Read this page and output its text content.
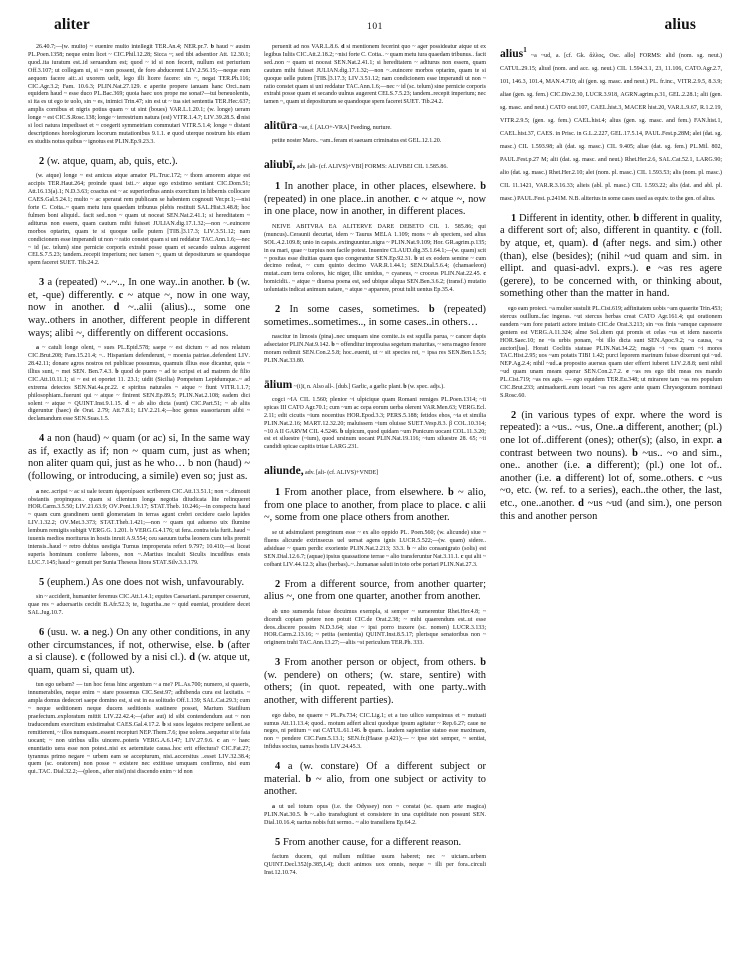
aliter	101	alius

26.40.7;—(w. multo) ~ euenire multo intellegit TER.An.4; NER.pr.7. b haud ~ ausim PL.Poen.1358; neque enim licet ~ CIC.Phil.12.28; Sicca ~; sed tibi adsentior Att. 12.30.1; quod..ita iuratum est..id seruandum est; quod ~ id si non fecerit, nullum est periurium Off.3.107; ut collegam ui, si ~ non possent, de foro abducerent LIV.2.56.15;—neque eum aequom facere ait:..si uxorem uelit, lego illi licere facere: sin ~, negat TER.Ph.116; CIC.Agr.3.2; Fam. 10.6.3; PLIN.Nat.27.129. c aperite propere ianuam hanc Orci..nam equidem haud ~ esse duco PL.Bac.369; quoia haec uox prope me sonat?—tui beneuolentis, si ita es ut ego te uolo, sin ~ es, inimici Trin.47; sin est ut ~ tua siet sententia TER.Hec.637; amplis cornibus et nigris potius quam ~ ut sint (boues) VAR.L.1.20.1; (w. longe) ueram longe ~ est CIC.S.Rosc.138; longe ~ terrestrium natura (est) VITR.1.4.7; LIV.39.28.5. d nisi si loci natura impedisset et ~ coegerit symmetriam commutari VITR.5.1.4; longe ~ distant descriptiones horologiorum locorum mutationibus 9.1.1. e quod uterque nostrum his etiam ex studiis notus quibus ~ ignotus est PLIN.Ep.9.23.3.

2 (w. atque, quam, ab, quis, etc.).

(w. atque) longe ~ est amicus atque amator PL.Truc.172; ~ thom amorem atque est accipis TER.Haut.264; proinde quasi isti..~ atque ego existimo sentiant CIC.Dom.51; Att.16.13(a).1; N.D.3.63; coactus est ~ ac superioribus annis exercitum in hibernis collocare CAES.Gal.5.24.1; multo ~ ac sperarat rem publicam se habentem cognouit Ver.pr.1;—nisi forte C. Cotta..~ quam metu iura quaedam tribunus plebis restituit SAL.Hist.3.48.8; hoc fulmen boni aliquid.. facit sed..non ~ quam ut noceat SEN.Nat.2.41.1; si hereditatem ~ aditurus non essem, quam cautum mihi fuisset JULIAN.dig.17.1.32;—non ~..euincere morbos optarim, quam te si quoque uelle putem [TIB.]3.17.3; LIV.3.51.12; nam condicionem esse imperandi ut non ~ ratio constet quam si uni reddatur TAC.Ann.1.6;—nec ~ id (sc. telum) sine pernicie corporis extrahi posse quam et secando uulnus augerent CELS.7.5.23; tandem..recepit imperium; nec tamen ~, quam ut depositurum se quandoque spem faceret SUET. Tib.24.2.

3 a (repeated) ~..~.., In one way..in another. b (w. et, -que) differently. c ~ atque ~, now in one way, now in another. d ~..alii (alius).., some one way..others in another, different people in different ways; alibi ~, differently on different occasions.

a ~ catuli longe olent, ~ sues PL.Epid.578; saepe ~ est dictum ~ ad nos relatum CIC.Brut.208; Fam.15.21.4; ~.. Hispaniam defenderunt, ~ moenia patriae..defendent LIV. 28.42.11; donare agros nostros rei publicae possumus, quamuis illius esse dicantur, quia ~ illius sunt, ~ mei SEN. Ben.7.4.3. b quod de puero ~ ad te scripsi et ad matrem de filio CIC.Att.10.11.1; si ~ est et oportet 11. 23.1; uidit (Sicilia) Pompeium Lepidumque..~ ad extrema deiectos SEN.Nat.4a.pr.22. c spiritus naturales ~ atque ~ fiunt VITR.1.1.7; philosophiam..fuerunt qui ~ atque ~ finirent SEN.Ep.89.5; PLIN.Nat.2.108; eadem dici solent ~ atque ~ QUINT.Inst.9.1.15. d ~ ab alio dicta (sunt) CIC.Part.51; ~ ab aliis digeruntur (haec) de Orat. 2.79; Att.7.8.1; LIV.2.21.4;—hoc genus suasoriarum alibi ~ declamandum esse SEN.Suas.1.5.

4 a non (haud) ~ quam (or ac) si, In the same way as if, exactly as if; non ~ quam cum, just as when; non aliter quam qui, just as he who… b non (haud) ~ (following, or introducing, a simile) even so; just as.

a nec..scripsi ~ ac si uale tecum ἀμφοτέρωσε scriberem CIC.Att.13.51.1; non ~..dimouit obstantis propinquos.. quam si clientum longa negotia diiudicata lite relinqueret HOR.Carm.3.5.50; LIV.21.63.9; OV.Pont.1.9.17; STAT.Theb. 10.246;—in conspectu haud ~ quam cum grandinem uenti glomeratam in terras agunt crebri cecidere caelo lapides LIV.1.32.2; OV.Met.3.373; STAT.Theb.1.421;—non ~ quam qui aduerso uix flumine lembum remigiis subigit VERG.G. 1.201. b VERG.G.4.176; ut fera..contra tela furit..haud ~ iuuenis medios moriturus in hostis inruit A.9.554; ceu saeuum turba leonem cum telis premit intensis..haud ~ retro dubius uestigia Turnus improperata refert 9.797; 10.410;—si liceat superis hominum conferre labores, non ~..Martius incaluit Siculis incudibus ensis LUC.7.145; haud ~ gemuit per Sunia Theseus litora STAT.Silv.3.3.179.

5 (euphem.) As one does not wish, unfavourably.

sin ~ acciderit, humaniter feremus CIC.Att.1.4.1; equites Caesariani..parumper cesserunt, quae res ~ aduersariis cecidit B.Afr.52.3; te, Iugurtha..ne ~ quid eueniat, prouidere decet SAL.Jug.10.7.

6 (usu. w. a neg.) On any other conditions, in any other circumstances, if not, otherwise, else. b (after a si clause). c (followed by a nisi cl.). d (w. atque ut, quam, quam si, quam ut).

tun ego uebam? — tun hoc feras hinc argentum ~ a me? PL.As.700; numero, si quaeris, innumerabiles, neque enim ~ stare possemus CIC.Sest.97; adhibenda cura est laxitatis. ~ ampla domus dedecori saepe domino est, si est in ea solitudo Off.1.139; SAL.Cat.29.3; cum ~ neque seditionem neque ducem seditionis sustinere posset, Marium Statilium praefectum..exploratum mittit LIV.22.42.4;—(after aut) id sibi contendendum aut ~ non traducendum exercitum existimabat CAES.Gal.4.17.2. b si suos legatos recipere uellent..se remitterent, ~ illos numquam..essent recepturi NEP.Them.7.6; ipse uolens..sequetur si te fata uocant; ~ non uiribus ullis uincere..poteris VERG.A.6.147; LIV.27.9.6. c an ~ haec enuntiatio uera esse non potest..nisi ex aeternitate causa..hoc erit effectura? CIC.Fat.27; tyrannus primo negare ~ urbem eam se accepturum, nisi..accersitus ..esset LIV.32.38.4; quem (sc. oratorem) non posse ~ existere nec extitisse umquam confirmo, nisi eum qui..TAC. Dial.32.2;—(pleon., after nisi) nisi discendo enim ~ id non

peruenit ad nos VAR.L.8.6. d si mentionem fecerint quo ~ ager possideatur atque ut ex legibus Iuliis CIC.Att.2.18.2; ~nisi forte C. Cotta.. ~ quam metu iura quaedam tribunus.. facit sed..non ~ quam ut noceat SEN.Nat.2.41.1; si hereditatem ~ aditurus non essem, quam cautum mihi fuisset JULIAN.dig.17.1.32;—non ~..euincere morbos optarim, quam te si quoque uelle putem [TIB.]3.17.3; LIV.3.51.12; nam condicionem esse imperandi ut non ~ ratio constet quam si uni reddatur TAC.Ann.1.6;—nec ~ id (sc. telum) sine pernicie corporis extrahi posse quam et secando uulnus augerent CELS.7.5.23; tandem..recepit imperium; nec tamen ~, quam ut depositurum se quandoque spem faceret SUET. Tib.24.2.

alitūra ~ae, f. [ALO+-VRA] Feeding, nurture.

petite noster Maro.. ~am..feram et saeuam criminatus est GEL.12.1.20.

aliubī, adv. [ali- (cf. ALIVS)+VBI] FORMS: ALIVBEI CIL 1.585.86.

1 In another place, in other places, elsewhere. b (repeated) in one place..in another. c ~ atque ~, now in one place, now in another, in different places.

NEIVE ABITVRA EA ALITERVE DARE DEBETO CIL 1. 585.86; qui (muncus)..Ceraunii decurtat, idem ~ Taurus MELA 1.109; mons ~ ab speciem, sed alius SOL.4.2.109.8; unio in capsis..extinguuntur..nigra ~ PLIN.Nat.9.109; Hor. GR.agrim.p.135; in ea mari, quae ~ turpius non facile potest. Inuenire CLAUD.dig.35.1.64.1;—(w. quam) scit ~ positas esse diuitias quam quo congerantur SEN.Ep.92.31. b ut ex eodem semine ~ cum decimo redeat, ~ cum quinto decimo VAR.R.1.44.1; SEN.Dial.5.6.4; (chamaeleon) mutat..cum terra colores, hic niger, illic umidus, ~ cyaneus, ~ croceus PLIN.Nat.22.45. c homicidii.. ~ atque ~ diuersa poena est, sed ubique aliqua SEN.Ben.3.6.2; (transf.) mutatio uoluntatis indicat animum natare, ~ atque ~ apparere, prout tulit uentus Ep.35.4.

2 In some cases, sometimes. b (repeated) sometimes..sometimes.., in some cases..in others…

nascitur in limosis (pina)..nec umquam sine comite..is est squilla parua, ~ cancer dapis adsectator PLIN.Nat.9.142. b ~ offenditur improuisa segetum maturitas, ~ sera magno fenore moram redimit SEN.Con.2.5.8; hoc..euenit, ut ~ sit species rei, ~ ipsa res SEN.Ben.1.5.5; PLIN.Nat.33.80.

ālium ~(i)ī, n. Also all-. [dub.] Garlic, a garlic plant. b (w. spec. adjs.).

cogci ~IA CIL 1.560; plenior ~i ulpicique quam Romani remiges PL.Poen.1314; ~ii spicas III CATO Agr.70.1; cum ~um ac cepa eorum uerba olerent VAR.Men.63; VERG.Ecl. 2.11; edit cicutis ~ium nocentius HOR.Epod.3.3; PERS.5.188; fetidos ehos, ~ia et similia PLIN.Nat.2.16; MART.12.32.20; maluissem ~ium oluisse SUET.Vesp.8.3. β COL.10.314; ~10 A II GARVM CIL 4.5246. b ulpicum, quod quidam ~um Punicum uocant COL.11.3.20; est et siluestre (~ium), quod ursinum uocant PLIN.Nat.19.116; ~ium siluestre 28. 65; ~ii candidi spicae capitis tritae LARG.231.

aliunde, adv. [ali- (cf. ALIVS)+VNDE]

1 From another place, from elsewhere. b ~ alio, from one place to another, from place to place. c alii ~, some from one place others from another.

se ut adsimularet peregrinum esse ~ ex alio oppido PL. Poen.560; (w. alicunde) siue ~ fluens alicunde extrinsecus uel uersat agens ignis LUCR.5.522;—(w. quam) sidere.. adsiduae ~ quam perdic exoriente PLIN.Nat.2.213; 33.3. b ~ alio consanigrato (solis) est SEN.Dial.12.6.7; (aquae) ipsius quassatione terrae ~ alio transferuntur Nat.3.11.1. c qui alii ~ coibant LIV.44.12.3; alias (herbas)..~..humanae saluti in toto orbe portari PLIN.Nat.27.3.

2 From a different source, from another quarter; alius ~, one from one quarter, another from another.

ab uno sumenda fuisse docuimus exempla, si semper ~ sumerentur Rhet.Her.4.8; ~ dicendi copiam petere non potuit CIC.de Orat.2.38; ~ mihi quaerendum est..ut esse deos..discere possim N.D.3.64; siue ~ ipsi porro traxere (sc. nomen) LUCR.3.133; HOR.Carm.2.13.16; ~ petita (sententia) QUINT.Inst.8.5.17; plerisque senatoribus non ~ originem trahi TAC.Ann.13.27;—aliis ~st periculum TER.Ph. 333.

3 From another person or object, from others. b (w. pendere) on others; (w. stare, sentire) with others; (in quot. repeated, with one party..with another, with different parties).

ego dabo, ne quaere ~ PL.Ps.734; CIC.Lig.1; et a tuo uilico sumpsimus et ~ mutuati sumus Att.11.13.4; quod.. motum adfert alicui quodque ipsum agitatur ~ Rep.6.27; caue ne neges, ni petitum ~ eat CATUL.61.146. b quam.. laudem sapientiae statuo esse maximam, non ~ pendere CIC.Fam.5.13.1; SEN.fr.(Haase p.421);— ~ ipse stet semper, ~ sentiat, infidus socius, uanus hostis LIV.24.45.3.

4 a (w. constare) Of a different subject or material. b ~ alio, from one subject or activity to another.

a ut uel totum opus (i.e. the Odyssey) non ~ constat (sc. quam arte magica) PLIN.Nat.30.5. b ~..alio transfugiunt et consistere in una cupiditate non possunt SEN. Dial.10.16.4; uarius nobis fuit sermo.. ~ alio transiliens Ep.64.2.

5 From another cause, for a different reason.

factum ducem, qui nullum militiae usum haberet; nec ~ uictam..urbem QUINT.Decl.352(p.385,L4); ducit animos uox omnis, neque ~ illi per fora..circuli Inst.12.10.74.

alius$^1$ ~a ~ud, a. [cf. Gk. ἄλλος, Osc. allo] FORMS: alid (nom. sg. neut.) CATUL.29.15; aliud (nom. and acc. sg. neut.) CIL 1.594.3.1, 23, 11.106, CATO.Agr.2.7, 101, 146.3, 101.4, MAN.4.710; ali (gen. sg. masc. and neut.) PL. fr.inc., VITR.2.9.5, 8.3.9; aliae (gen. sg. fem.) CIC.Div.2.30, LUCR.3.918, AGRN.agrim.p.31, GEL.2.28.1; alii (gen. sg. masc. and neut.) CATO orat.107, CAEL.hist.3, MACER hist.20, VAR.L.9.67, R.1.2.19, VITR.2.9.5; (gen. sg. fem.) CAEL.hist.4; alius (gen. sg. masc. and fem.) FAN.hist.1, CAEL.hist.37, CAES. in Prisc. in G.L.2.227, GEL.17.5.14, PAUL.Fest.p.28M; alei (dat. sg. masc.) CIL 1.593.98; ali (dat. sg. masc.) CIL 9.405; aliae (dat. sg. fem.) PL.Mil. 802, PAUL.Fest.p.27 M; alii (dat. sg. masc. and neut.) Rhet.Her.2.6, SAL.Cat.52.1, LARG.90; alio (dat. sg. masc.) Rhet.Her.2.10; alei (nom. pl. masc.) CIL 1.593.53; alis (nom. pl. masc.) CIL 11.1421, VAR.R.3.16.33; alieis (abl. pl. masc.) CIL 1.593.22; alis (dat. and abl. pl. masc.) PAUL.Fest. p.241M. N.B. aliterius in some cases used as equiv. to the gen. of alius.

1 Different in identity, other. b different in quality, a different sort of; also, different in quantity. c (foll. by atque, et, quam). d (after negs. and sim.) other (than), else (besides); (nihil ~ud quam and sim. in ellipt. and quasi-advl. exprs.). e ~as res agere (gerere), to be concerned with, or thinking about, something other than the matter in hand.

ego eam proieci. ~a mulier sustulit PL.Cist.619; adfinitatem uobis ~am quaerite Trin.453; stercus ouillum..fac ingeras. ~ut stercus herbas creat CATO Agr.161.4; qui orationem eandem ~am fore putarit actore imitato CIC.de Orat.3.213; sin ~os finis ~amque capessere gentem est VERG.A.11.324; alme Sol..diem qui promis et celas ~us et idem nasceris HOR.Saec.10; ne ~is urbis ponam, ~bi illo dicta sunt SEN.Apoc.9.2; ~a causa, ~a auctori[tas]. Horati Coclitis statuae PLIN.Nat.34.22; magis ~i ~es quam ~i mores TAC.Hist.2.95; uos ~am potatis TIBI 1.42; purci leporem marinum fuisse dixerunt qui ~ud. NEP.Ag.2.4; nihil ~ud..a proposito auersus quam uier efferri iuberet LIV.2.8.8; ueni nihil ~ud quam unam meam querar SEN.Con.2.7.2. e ~as res ego tibi meas res mando PL.Cist.719; ~as res agis. — ego equidem TER.Eu.348; ut mirarere tam ~as res populum CIC.Brut.233; animaduerti..eum iocari ~as res agere ante quam Chrysogonum nominaui S.Rosc.60.

2 (in various types of expr. where the word is repeated): a ~us.. ~us, One..a different, another; (pl.) one lot of..different (ones); other(s); (also, in expr. a contrast between two nouns). b ~us.. ~o and sim., one.. another (i.e. a different); (pl.) one lot of.. another (i.e. a different) lot of, some..others. c ~us ~o, etc. (w. ref. to a series), each..the other, the last, etc., one..another. d ~us ~ud (and sim.), one person this and another person
